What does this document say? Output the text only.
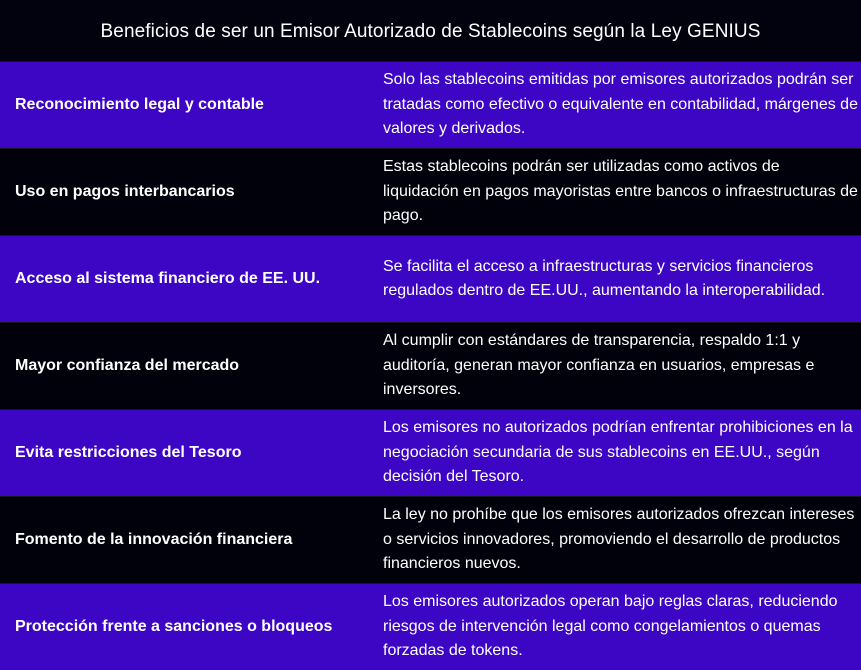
Beneficios de ser un Emisor Autorizado de Stablecoins según la Ley GENIUS
Reconocimiento legal y contable
Solo las stablecoins emitidas por emisores autorizados podrán ser tratadas como efectivo o equivalente en contabilidad, márgenes de valores y derivados.
Uso en pagos interbancarios
Estas stablecoins podrán ser utilizadas como activos de liquidación en pagos mayoristas entre bancos o infraestructuras de pago.
Acceso al sistema financiero de EE. UU.
Se facilita el acceso a infraestructuras y servicios financieros regulados dentro de EE.UU., aumentando la interoperabilidad.
Mayor confianza del mercado
Al cumplir con estándares de transparencia, respaldo 1:1 y auditoría, generan mayor confianza en usuarios, empresas e inversores.
Evita restricciones del Tesoro
Los emisores no autorizados podrían enfrentar prohibiciones en la negociación secundaria de sus stablecoins en EE.UU., según decisión del Tesoro.
Fomento de la innovación financiera
La ley no prohíbe que los emisores autorizados ofrezcan intereses o servicios innovadores, promoviendo el desarrollo de productos financieros nuevos.
Protección frente a sanciones o bloqueos
Los emisores autorizados operan bajo reglas claras, reduciendo riesgos de intervención legal como congelamientos o quemas forzadas de tokens.
